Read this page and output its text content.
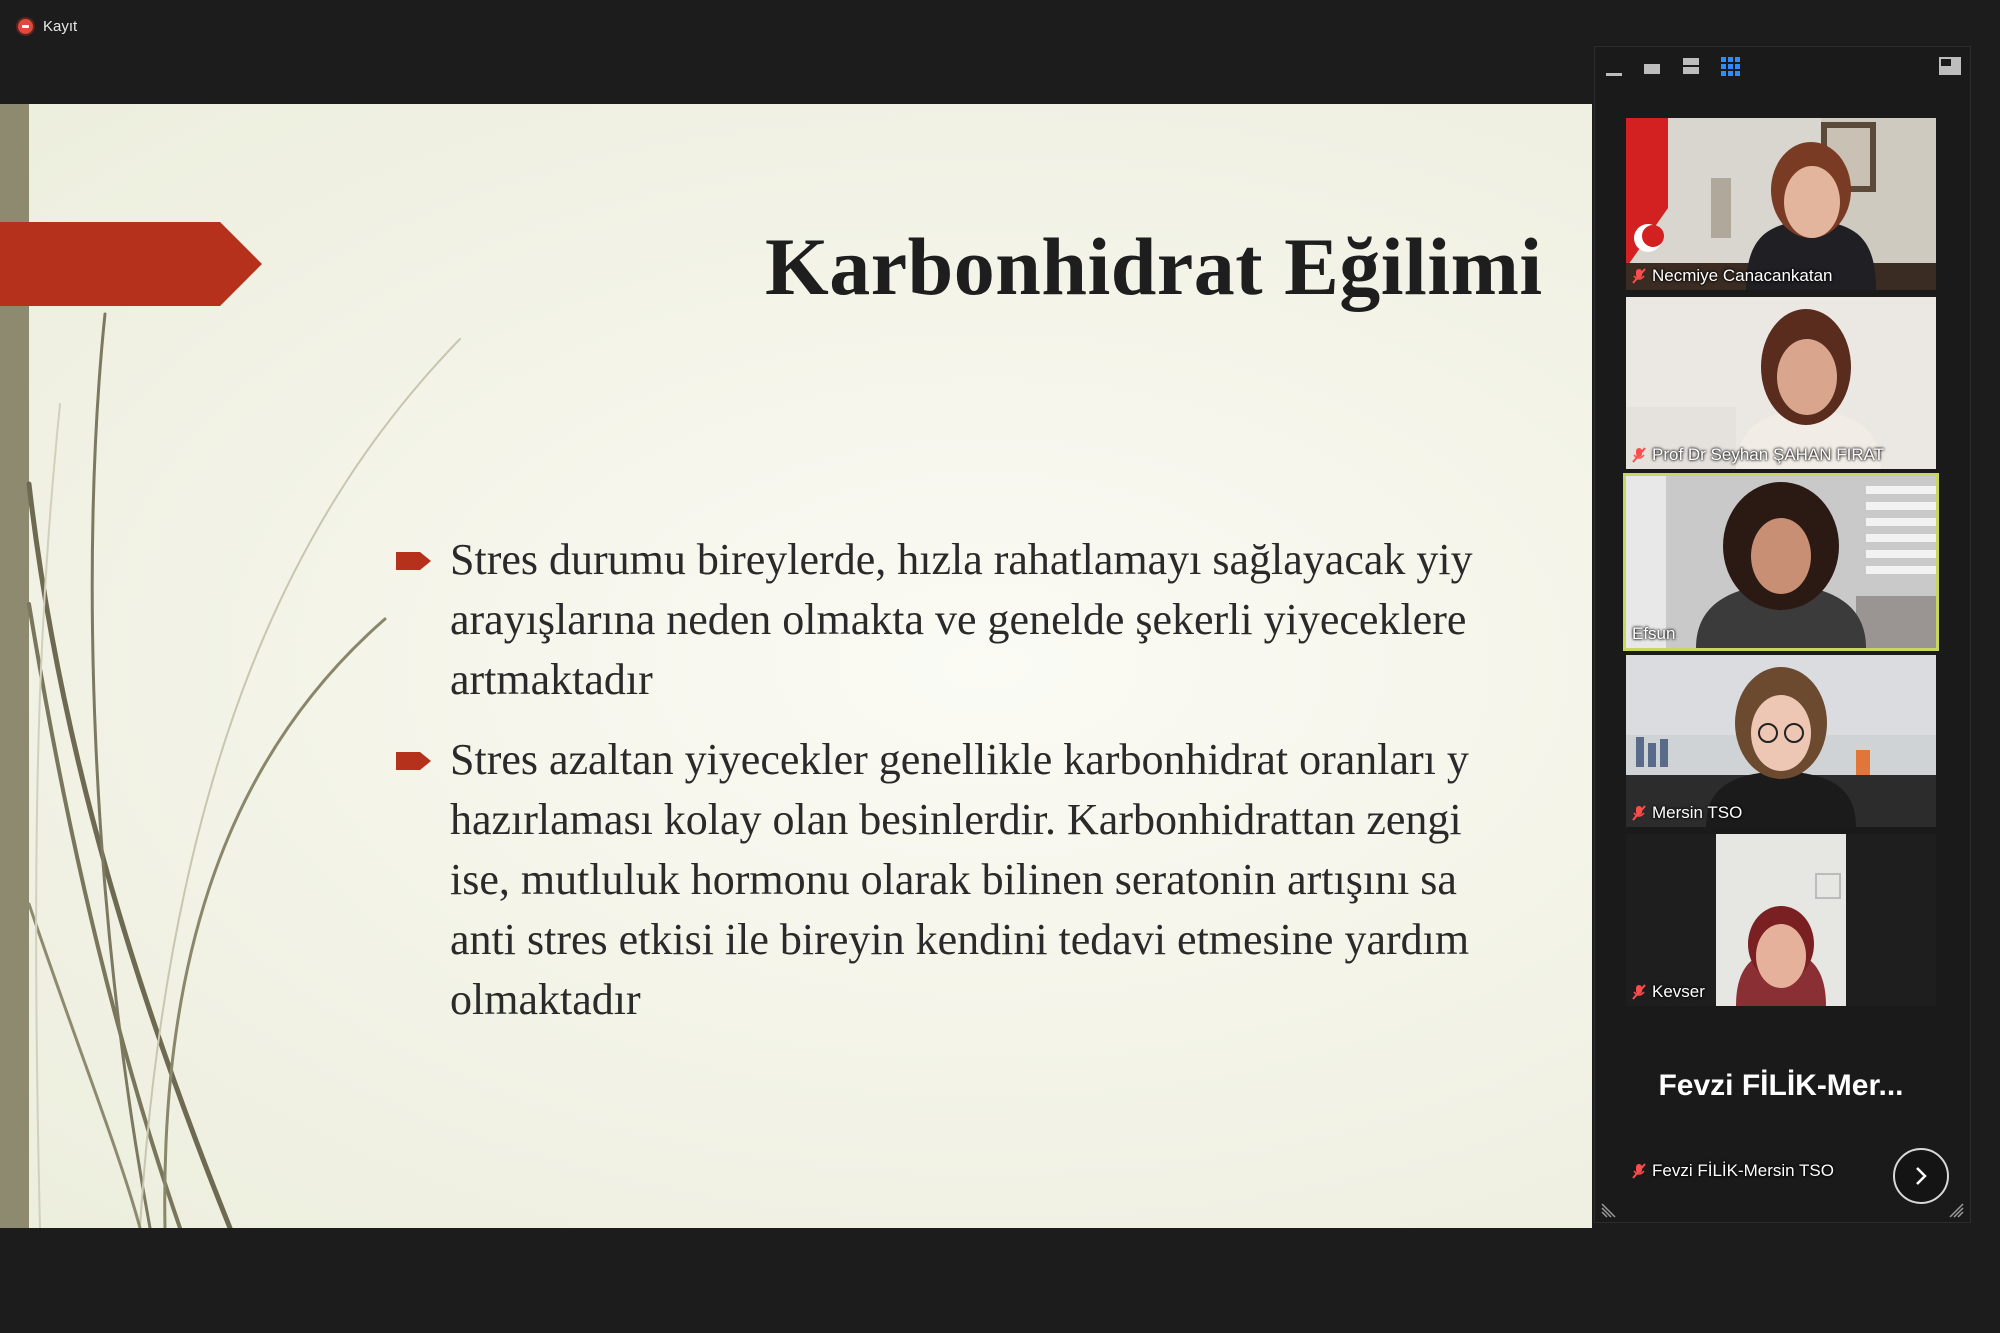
Kayıt
Karbonhidrat Eğilimi
Stres durumu bireylerde, hızla rahatlamayı sağlayacak yiy
arayışlarına neden olmakta ve genelde şekerli yiyeceklere
artmaktadır
Stres azaltan yiyecekler genellikle karbonhidrat oranları y
hazırlaması kolay olan besinlerdir. Karbonhidrattan zengi
ise, mutluluk hormonu olarak bilinen seratonin artışını sa
anti stres etkisi ile bireyin kendini tedavi etmesine yardım
olmaktadır
Necmiye Canacankatan
Prof Dr Seyhan ŞAHAN FIRAT
Efsun
Mersin TSO
Kevser
Fevzi FİLİK-Mer...
Fevzi FİLİK-Mersin TSO
